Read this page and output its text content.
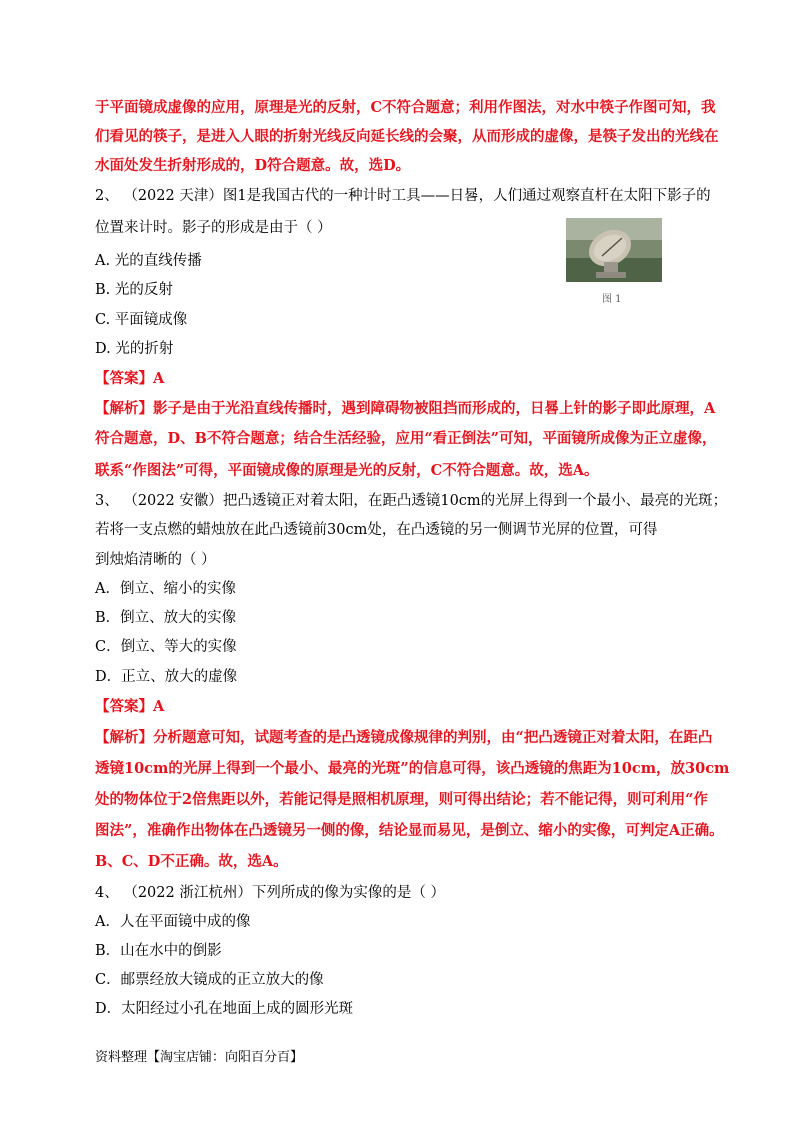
于平面镜成虚像的应用，原理是光的反射，C不符合题意；利用作图法，对水中筷子作图可知，我
们看见的筷子，是进入人眼的折射光线反向延长线的会聚，从而形成的虚像，是筷子发出的光线在
水面处发生折射形成的，D符合题意。故，选D。
2、 （2022 天津）图1是我国古代的一种计时工具——日晷，人们通过观察直杆在太阳下影子的
位置来计时。影子的形成是由于（ ）
A. 光的直线传播
B. 光的反射
C. 平面镜成像
D. 光的折射
图 1
【答案】A
【解析】影子是由于光沿直线传播时，遇到障碍物被阻挡而形成的，日晷上针的影子即此原理，A
符合题意，D、B不符合题意；结合生活经验，应用“看正倒法”可知，平面镜所成像为正立虚像，
联系“作图法”可得，平面镜成像的原理是光的反射，C不符合题意。故，选A。
3、 （2022 安徽）把凸透镜正对着太阳，在距凸透镜10cm的光屏上得到一个最小、最亮的光斑；
若将一支点燃的蜡烛放在此凸透镜前30cm处，在凸透镜的另一侧调节光屏的位置，可得
到烛焰清晰的（ ）
A．倒立、缩小的实像
B．倒立、放大的实像
C．倒立、等大的实像
D．正立、放大的虚像
【答案】A
【解析】分析题意可知，试题考查的是凸透镜成像规律的判别，由“把凸透镜正对着太阳，在距凸
透镜10cm的光屏上得到一个最小、最亮的光斑”的信息可得，该凸透镜的焦距为10cm，放30cm
处的物体位于2倍焦距以外，若能记得是照相机原理，则可得出结论；若不能记得，则可利用“作
图法”，准确作出物体在凸透镜另一侧的像，结论显而易见，是倒立、缩小的实像，可判定A正确。
B、C、D不正确。故，选A。
4、 （2022 浙江杭州）下列所成的像为实像的是（ ）
A．人在平面镜中成的像
B．山在水中的倒影
C．邮票经放大镜成的正立放大的像
D．太阳经过小孔在地面上成的圆形光斑
资料整理【淘宝店铺：向阳百分百】
